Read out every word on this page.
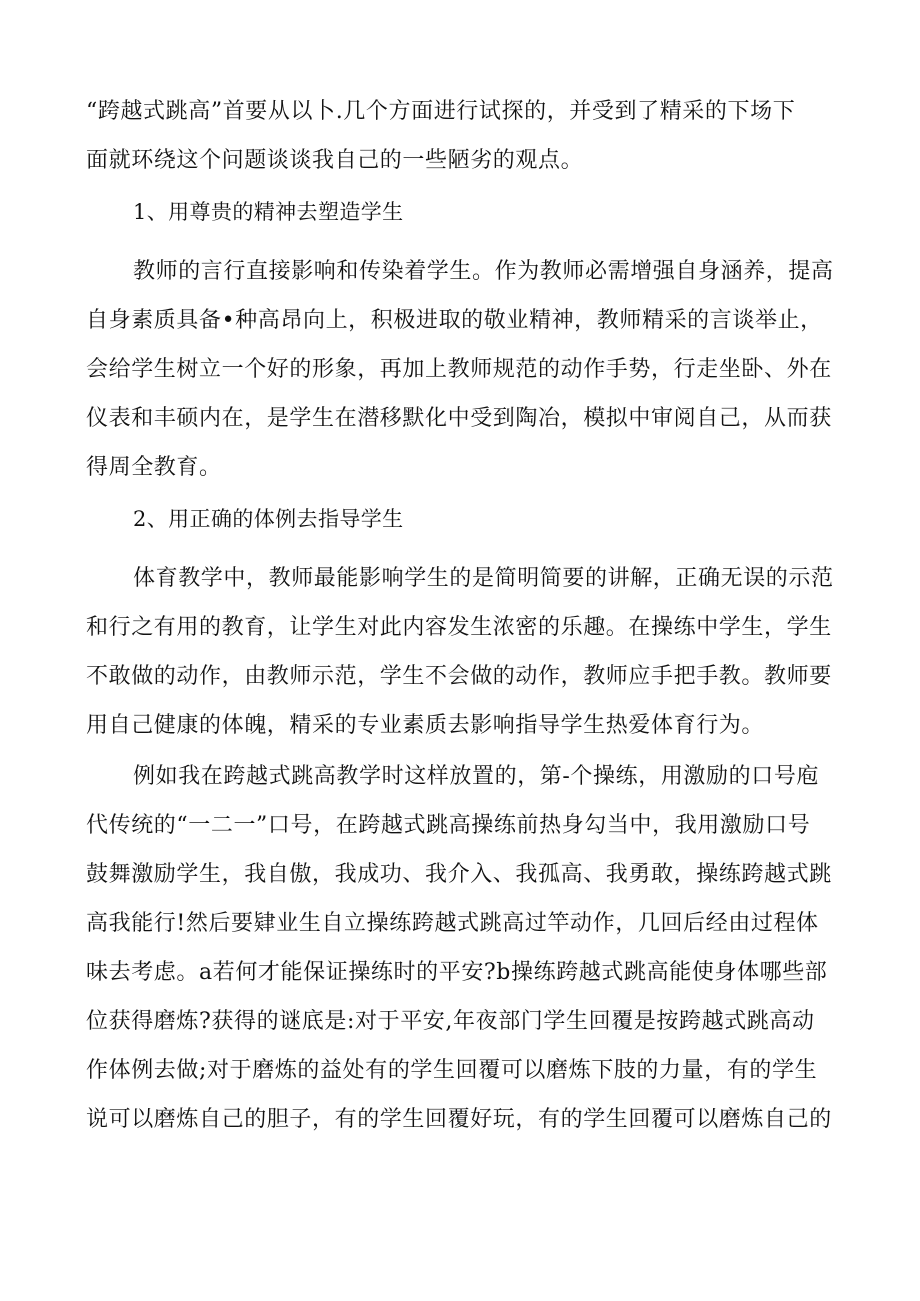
“跨越式跳高”首要从以卜.几个方面进行试探的，并受到了精采的下场下
面就环绕这个问题谈谈我自己的一些陋劣的观点。
1、用尊贵的精神去塑造学生
教师的言行直接影响和传染着学生。作为教师必需增强自身涵养，提高
自身素质具备•种高昂向上，积极进取的敬业精神，教师精采的言谈举止，
会给学生树立一个好的形象，再加上教师规范的动作手势，行走坐卧、外在
仪表和丰硕内在，是学生在潜移默化中受到陶冶，模拟中审阅自己，从而获
得周全教育。
2、用正确的体例去指导学生
体育教学中，教师最能影响学生的是简明简要的讲解，正确无误的示范
和行之有用的教育，让学生对此内容发生浓密的乐趣。在操练中学生，学生
不敢做的动作，由教师示范，学生不会做的动作，教师应手把手教。教师要
用自己健康的体魄，精采的专业素质去影响指导学生热爱体育行为。
例如我在跨越式跳高教学时这样放置的，第-个操练，用激励的口号庖
代传统的“一二一”口号，在跨越式跳高操练前热身勾当中，我用激励口号
鼓舞激励学生，我自傲，我成功、我介入、我孤高、我勇敢，操练跨越式跳
高我能行!然后要肄业生自立操练跨越式跳高过竿动作，几回后经由过程体
味去考虑。a若何才能保证操练时的平安?b操练跨越式跳高能使身体哪些部
位获得磨炼?获得的谜底是:对于平安,年夜部门学生回覆是按跨越式跳高动
作体例去做;对于磨炼的益处有的学生回覆可以磨炼下肢的力量，有的学生
说可以磨炼自己的胆子，有的学生回覆好玩，有的学生回覆可以磨炼自己的
